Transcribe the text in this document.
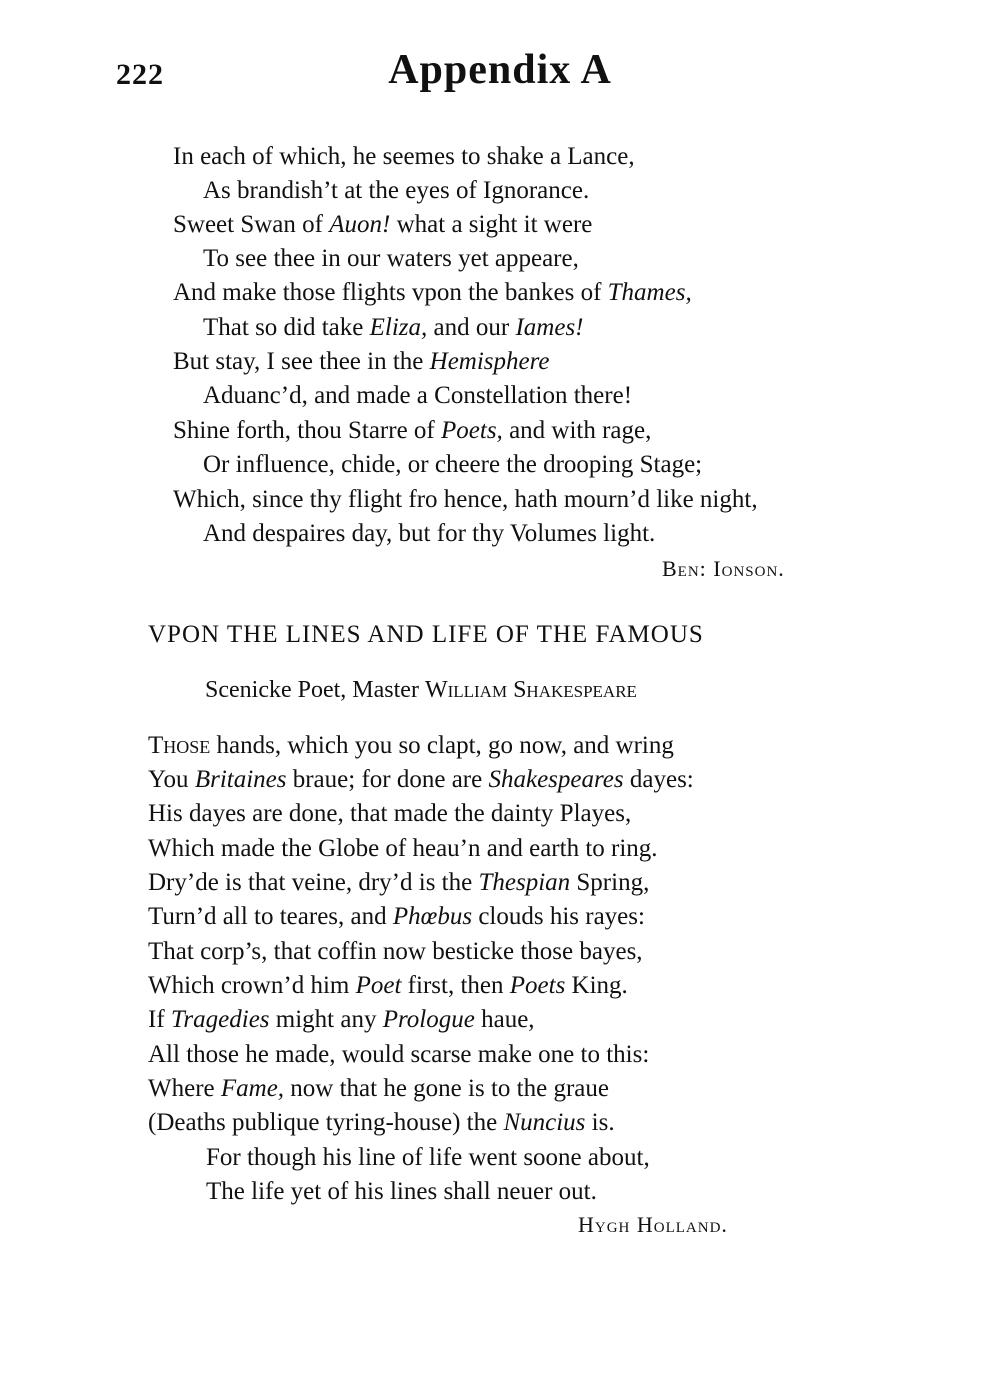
222	Appendix A
In each of which, he seemes to shake a Lance,
As brandish’t at the eyes of Ignorance.
Sweet Swan of Auon! what a sight it were
To see thee in our waters yet appeare,
And make those flights vpon the bankes of Thames,
That so did take Eliza, and our Iames!
But stay, I see thee in the Hemisphere
Aduanc’d, and made a Constellation there!
Shine forth, thou Starre of Poets, and with rage,
Or influence, chide, or cheere the drooping Stage;
Which, since thy flight fro hence, hath mourn’d like night,
And despaires day, but for thy Volumes light.
Ben: Ionson.
VPON THE LINES AND LIFE OF THE FAMOUS
Scenicke Poet, Master William Shakespeare
Those hands, which you so clapt, go now, and wring
You Britaines braue; for done are Shakespeares dayes:
His dayes are done, that made the dainty Playes,
Which made the Globe of heau’n and earth to ring.
Dry’de is that veine, dry’d is the Thespian Spring,
Turn’d all to teares, and Phœbus clouds his rayes:
That corp’s, that coffin now besticke those bayes,
Which crown’d him Poet first, then Poets King.
If Tragedies might any Prologue haue,
All those he made, would scarse make one to this:
Where Fame, now that he gone is to the graue
(Deaths publique tyring-house) the Nuncius is.
For though his line of life went soone about,
The life yet of his lines shall neuer out.
Hygh Holland.
